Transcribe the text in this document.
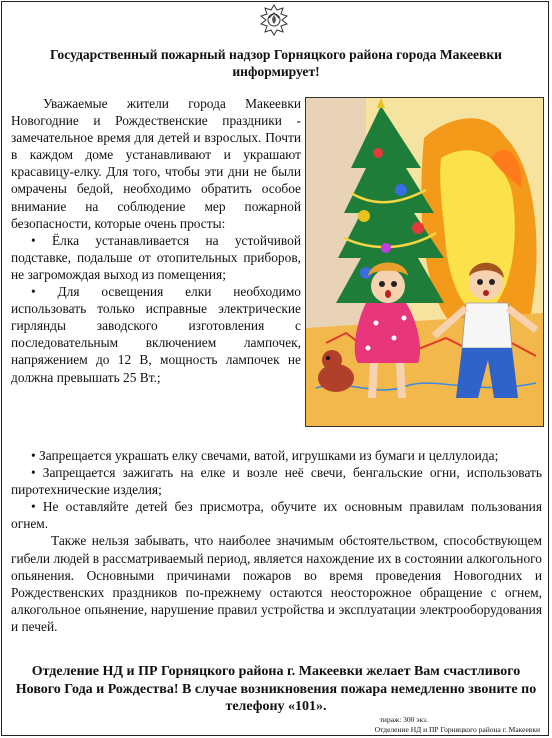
Государственный пожарный надзор Горняцкого района города Макеевки
информирует!

Уважаемые жители города Макеевки Новогодние и Рождественские праздники - замечательное время для детей и взрослых. Почти в каждом доме устанавливают и украшают красавицу-елку. Для того, чтобы эти дни не были омрачены бедой, необходимо обратить особое внимание на соблюдение мер пожарной безопасности, которые очень просты:

• Ёлка устанавливается на устойчивой подставке, подальше от отопительных приборов, не загромождая выход из помещения;

• Для освещения елки необходимо использовать только исправные электрические гирлянды заводского изготовления с последовательным включением лампочек, напряжением до 12 В, мощность лампочек не должна превышать 25 Вт.;

• Запрещается украшать елку свечами, ватой, игрушками из бумаги и целлулоида;

• Запрещается зажигать на елке и возле неё свечи, бенгальские огни, использовать пиротехнические изделия;

• Не оставляйте детей без присмотра, обучите их основным правилам пользования огнем.

Также нельзя забывать, что наиболее значимым обстоятельством, способствующем гибели людей в рассматриваемый период, является нахождение их в состоянии алкогольного опьянения. Основными причинами пожаров во время проведения Новогодних и Рождественских праздников по-прежнему остаются неосторожное обращение с огнем, алкогольное опьянение, нарушение правил устройства и эксплуатации электрооборудования и печей.

Отделение НД и ПР Горняцкого района г. Макеевки желает Вам счастливого Нового Года и Рождества! В случае возникновения пожара немедленно звоните по телефону «101».
тираж: 300 экз.
Отделение НД и ПР Горняцкого района г. Макеевки
